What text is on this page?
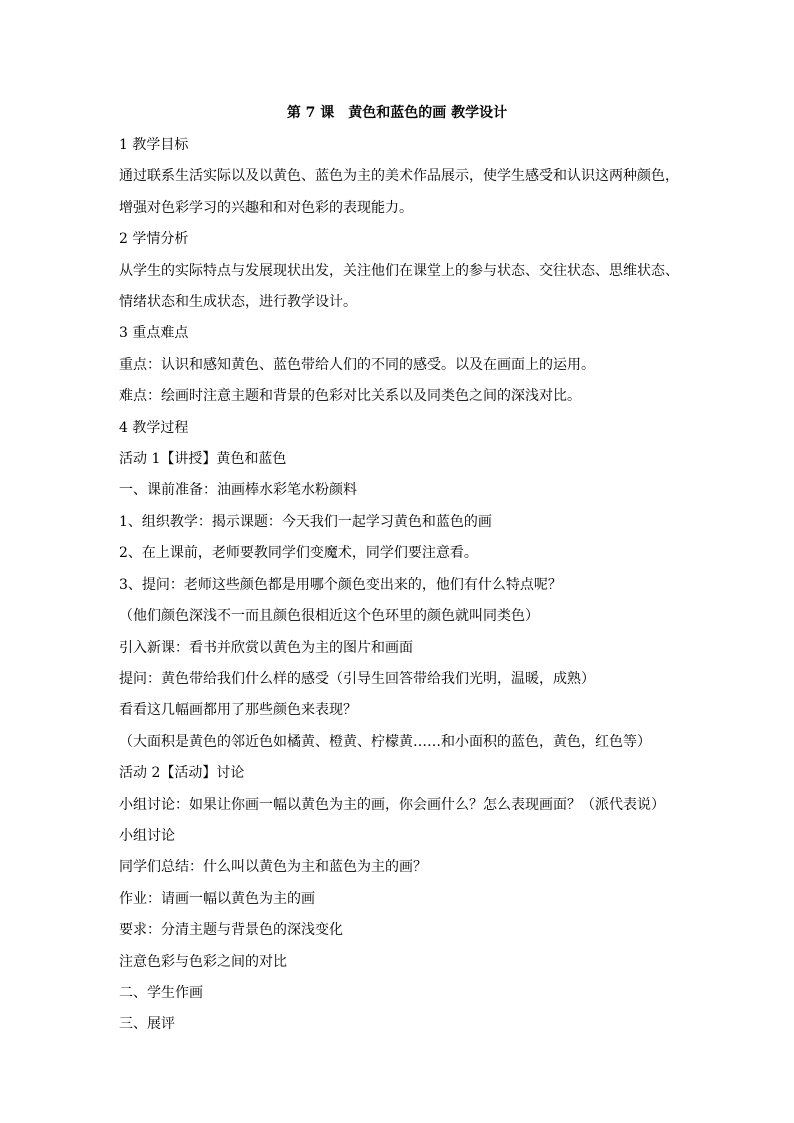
第 7 课　黄色和蓝色的画 教学设计

1 教学目标

通过联系生活实际以及以黄色、蓝色为主的美术作品展示，使学生感受和认识这两种颜色，

增强对色彩学习的兴趣和和对色彩的表现能力。

2 学情分析

从学生的实际特点与发展现状出发，关注他们在课堂上的参与状态、交往状态、思维状态、

情绪状态和生成状态，进行教学设计。

3 重点难点

重点：认识和感知黄色、蓝色带给人们的不同的感受。以及在画面上的运用。

难点：绘画时注意主题和背景的色彩对比关系以及同类色之间的深浅对比。

4 教学过程

活动 1【讲授】黄色和蓝色

一、课前准备：油画棒水彩笔水粉颜料

1、组织教学：揭示课题：今天我们一起学习黄色和蓝色的画

2、在上课前，老师要教同学们变魔术，同学们要注意看。

3、提问：老师这些颜色都是用哪个颜色变出来的，他们有什么特点呢？

（他们颜色深浅不一而且颜色很相近这个色环里的颜色就叫同类色）

引入新课：看书并欣赏以黄色为主的图片和画面

提问：黄色带给我们什么样的感受（引导生回答带给我们光明，温暖，成熟）

看看这几幅画都用了那些颜色来表现？

（大面积是黄色的邻近色如橘黄、橙黄、柠檬黄……和小面积的蓝色，黄色，红色等）

活动 2【活动】讨论

小组讨论：如果让你画一幅以黄色为主的画，你会画什么？怎么表现画面？（派代表说）

小组讨论

同学们总结：什么叫以黄色为主和蓝色为主的画？

作业：请画一幅以黄色为主的画

要求：分清主题与背景色的深浅变化

注意色彩与色彩之间的对比

二、学生作画

三、展评
